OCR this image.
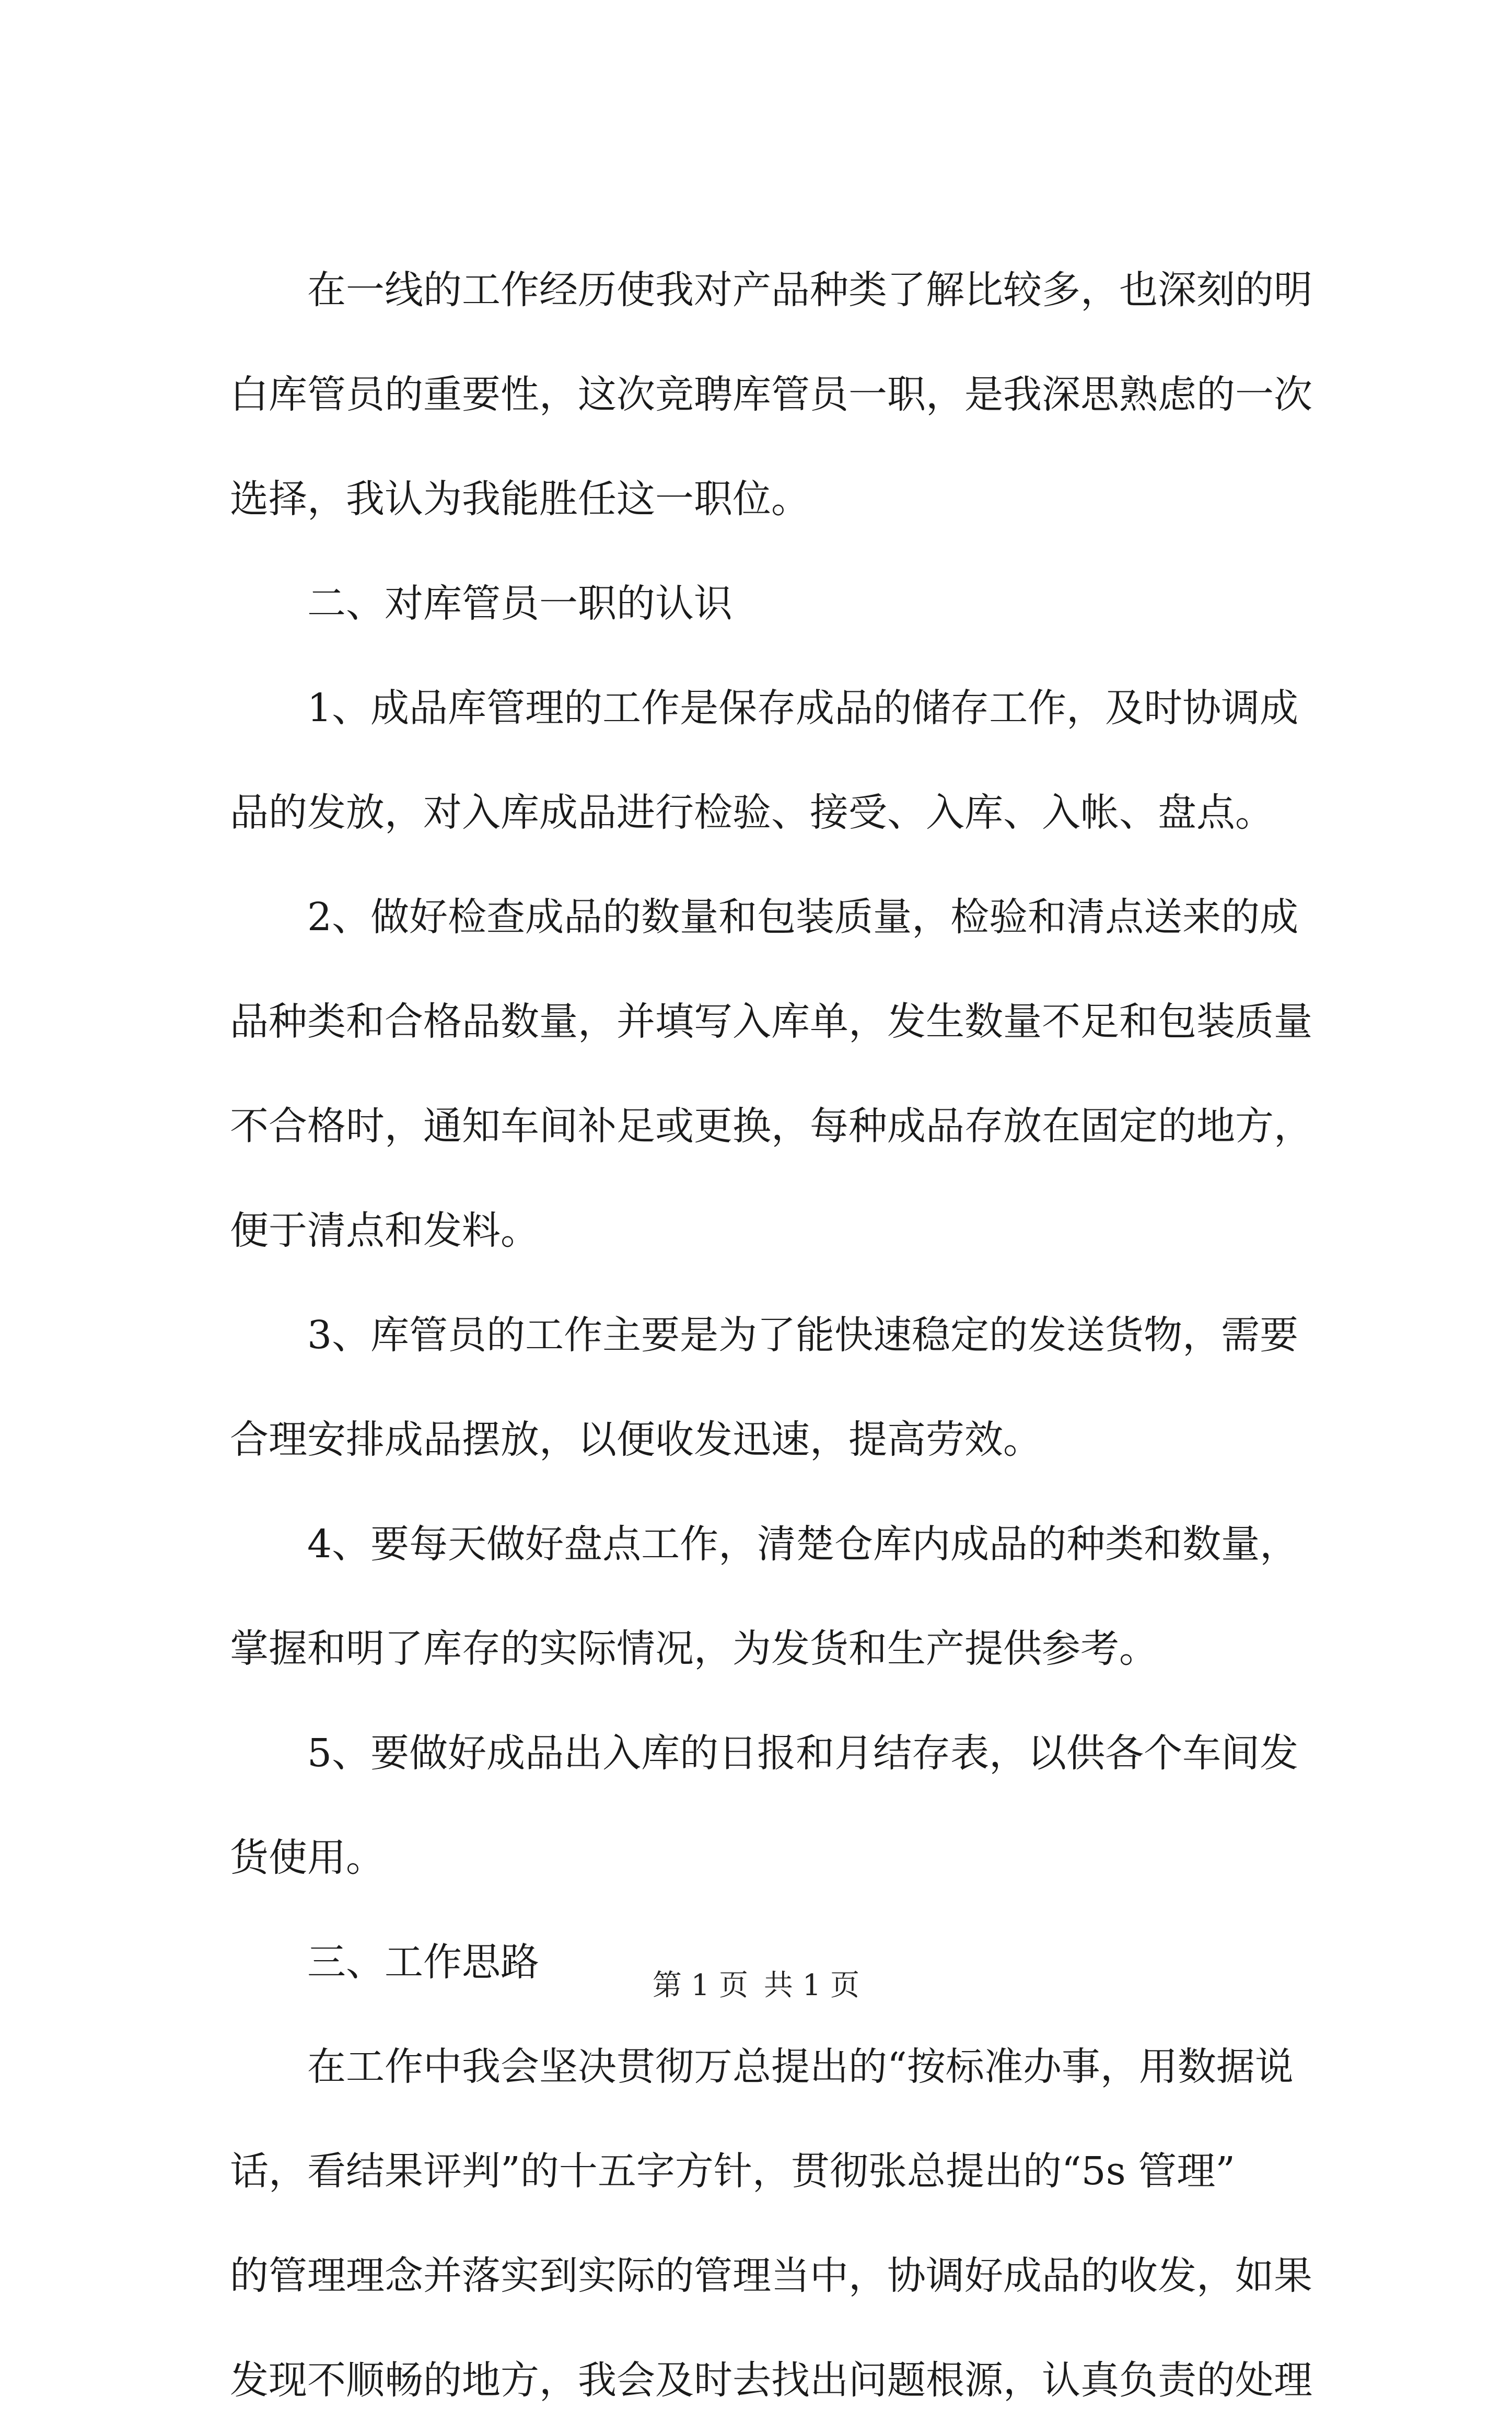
在一线的工作经历使我对产品种类了解比较多，也深刻的明
白库管员的重要性，这次竞聘库管员一职，是我深思熟虑的一次
选择，我认为我能胜任这一职位。
二、对库管员一职的认识
1、成品库管理的工作是保存成品的储存工作，及时协调成
品的发放，对入库成品进行检验、接受、入库、入帐、盘点。
2、做好检查成品的数量和包装质量，检验和清点送来的成
品种类和合格品数量，并填写入库单，发生数量不足和包装质量
不合格时，通知车间补足或更换，每种成品存放在固定的地方，
便于清点和发料。
3、库管员的工作主要是为了能快速稳定的发送货物，需要
合理安排成品摆放，以便收发迅速，提高劳效。
4、要每天做好盘点工作，清楚仓库内成品的种类和数量，
掌握和明了库存的实际情况，为发货和生产提供参考。
5、要做好成品出入库的日报和月结存表，以供各个车间发
货使用。
三、工作思路
在工作中我会坚决贯彻万总提出的“按标准办事，用数据说
话，看结果评判”的十五字方针，贯彻张总提出的“5s 管理”
的管理理念并落实到实际的管理当中，协调好成品的收发，如果
发现不顺畅的地方，我会及时去找出问题根源，认真负责的处理
第 1 页 共 1 页
